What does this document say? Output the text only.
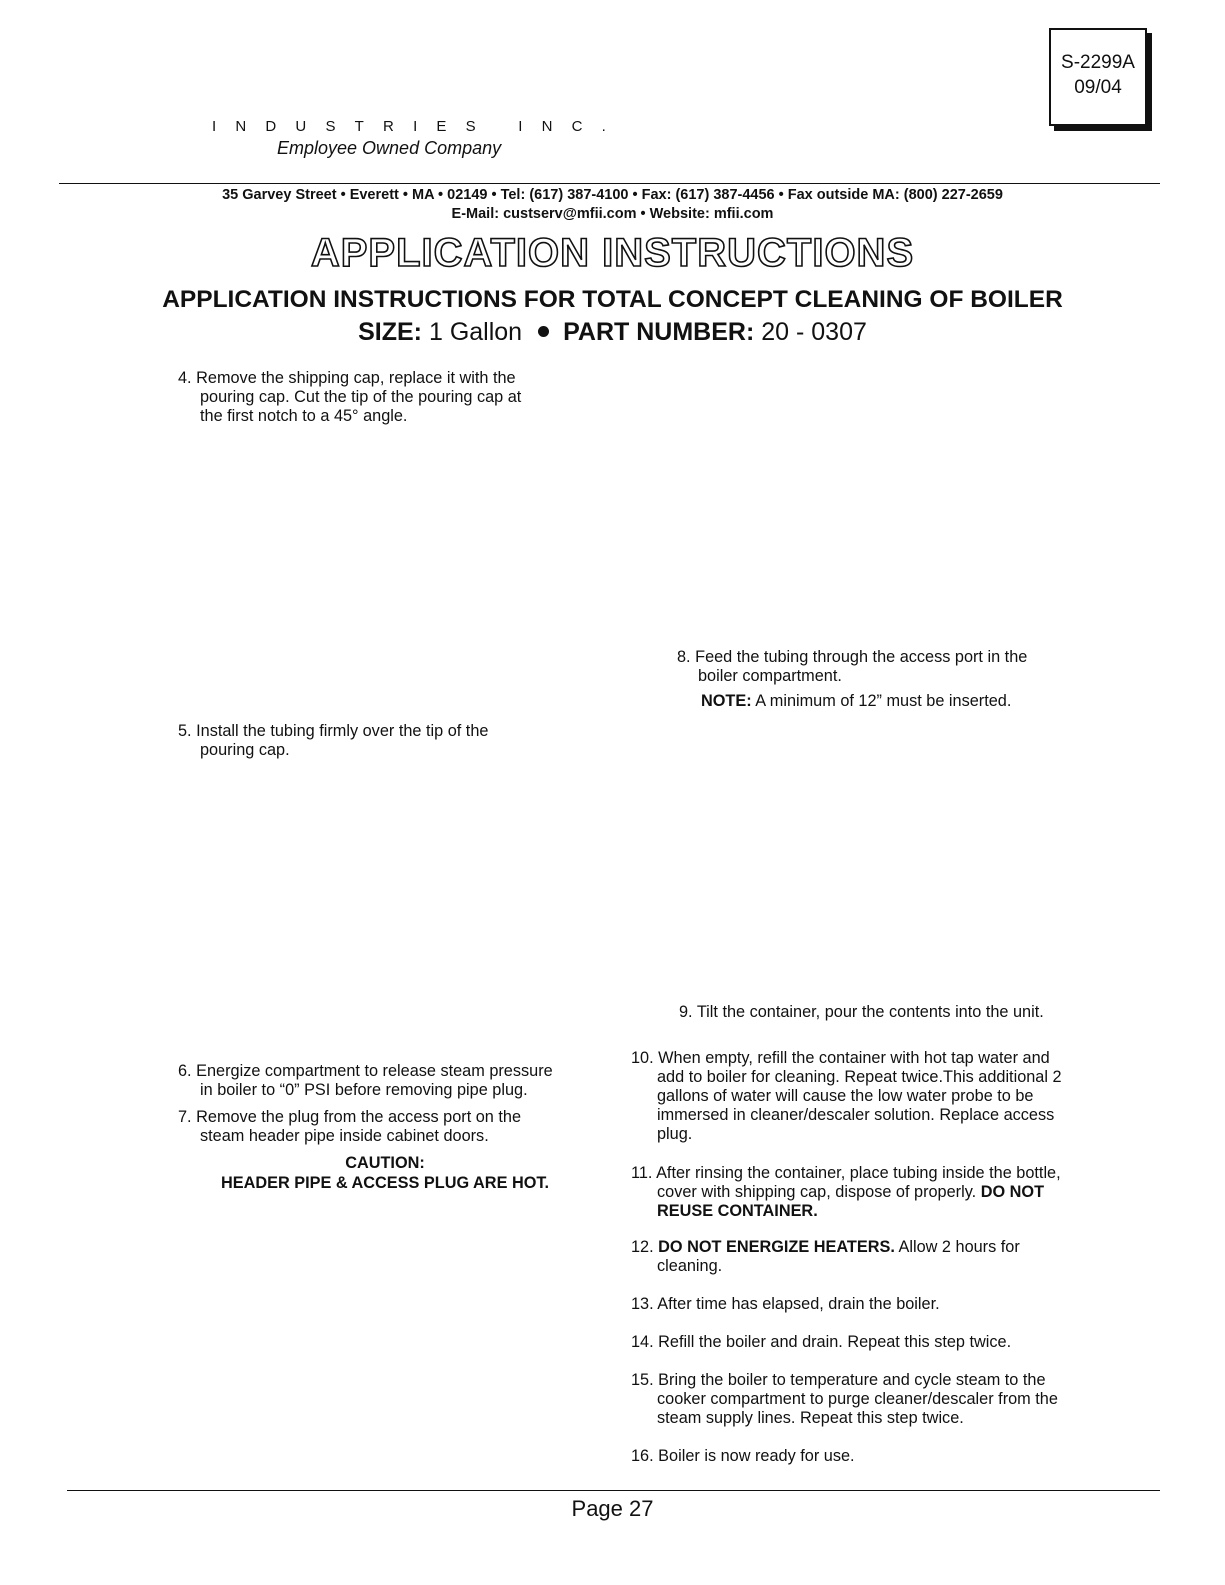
S-2299A
09/04
INDUSTRIES INC.
Employee Owned Company
35 Garvey Street • Everett • MA • 02149 • Tel: (617) 387-4100 • Fax: (617) 387-4456 • Fax outside MA: (800) 227-2659
E-Mail: custserv@mfii.com • Website: mfii.com
APPLICATION INSTRUCTIONS
APPLICATION INSTRUCTIONS FOR TOTAL CONCEPT CLEANING OF BOILER
SIZE: 1 Gallon PART NUMBER: 20 - 0307
4. Remove the shipping cap, replace it with the
pouring cap. Cut the tip of the pouring cap at
the first notch to a 45° angle.
5. Install the tubing firmly over the tip of the
pouring cap.
6. Energize compartment to release steam pressure
in boiler to “0” PSI before removing pipe plug.
7. Remove the plug from the access port on the
steam header pipe inside cabinet doors.
CAUTION:
HEADER PIPE & ACCESS PLUG ARE HOT.
8. Feed the tubing through the access port in the
boiler compartment.
NOTE: A minimum of 12” must be inserted.
9. Tilt the container, pour the contents into the unit.
10. When empty, refill the container with hot tap water and
add to boiler for cleaning. Repeat twice.This additional 2
gallons of water will cause the low water probe to be
immersed in cleaner/descaler solution. Replace access
plug.
11. After rinsing the container, place tubing inside the bottle,
cover with shipping cap, dispose of properly. DO NOT
REUSE CONTAINER.
12. DO NOT ENERGIZE HEATERS. Allow 2 hours for
cleaning.
13. After time has elapsed, drain the boiler.
14. Refill the boiler and drain. Repeat this step twice.
15. Bring the boiler to temperature and cycle steam to the
cooker compartment to purge cleaner/descaler from the
steam supply lines. Repeat this step twice.
16. Boiler is now ready for use.
Page 27
